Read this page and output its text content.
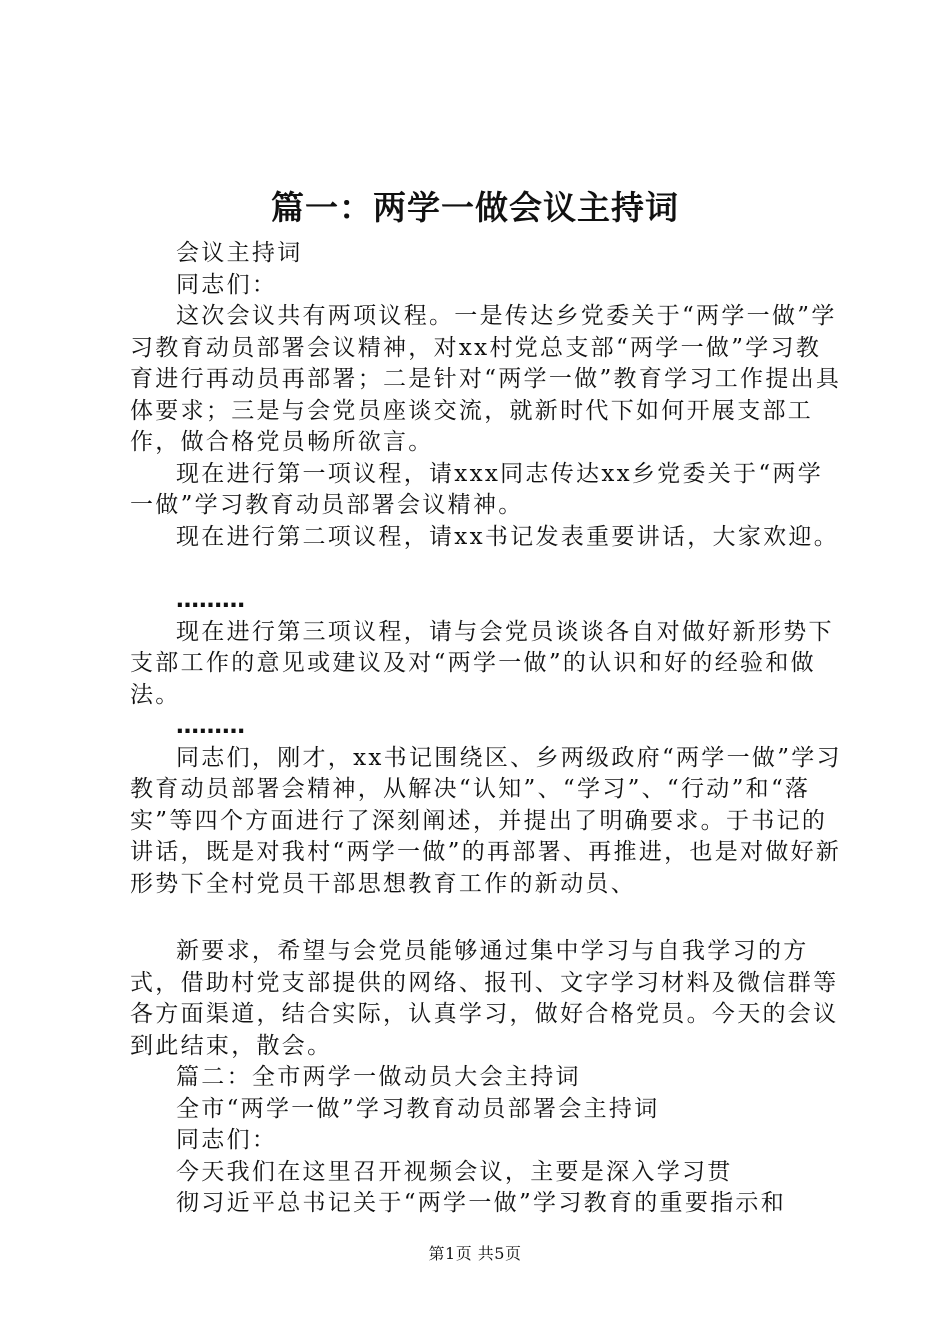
篇一：两学一做会议主持词

会议主持词

同志们：

这次会议共有两项议程。一是传达乡党委关于“两学一做”学习教育动员部署会议精神，对xx村党总支部“两学一做”学习教育进行再动员再部署；二是针对“两学一做”教育学习工作提出具体要求；三是与会党员座谈交流，就新时代下如何开展支部工作，做合格党员畅所欲言。

现在进行第一项议程，请xxx同志传达xx乡党委关于“两学一做”学习教育动员部署会议精神。

现在进行第二项议程，请xx书记发表重要讲话，大家欢迎。

………

现在进行第三项议程，请与会党员谈谈各自对做好新形势下支部工作的意见或建议及对“两学一做”的认识和好的经验和做法。

………

同志们，刚才，xx书记围绕区、乡两级政府“两学一做”学习教育动员部署会精神，从解决“认知”、“学习”、“行动”和“落实”等四个方面进行了深刻阐述，并提出了明确要求。于书记的讲话，既是对我村“两学一做”的再部署、再推进，也是对做好新形势下全村党员干部思想教育工作的新动员、

新要求，希望与会党员能够通过集中学习与自我学习的方式，借助村党支部提供的网络、报刊、文字学习材料及微信群等各方面渠道，结合实际，认真学习，做好合格党员。今天的会议到此结束，散会。

篇二：全市两学一做动员大会主持词

全市“两学一做”学习教育动员部署会主持词

同志们：

今天我们在这里召开视频会议，主要是深入学习贯

彻习近平总书记关于“两学一做”学习教育的重要指示和

第1页 共5页
